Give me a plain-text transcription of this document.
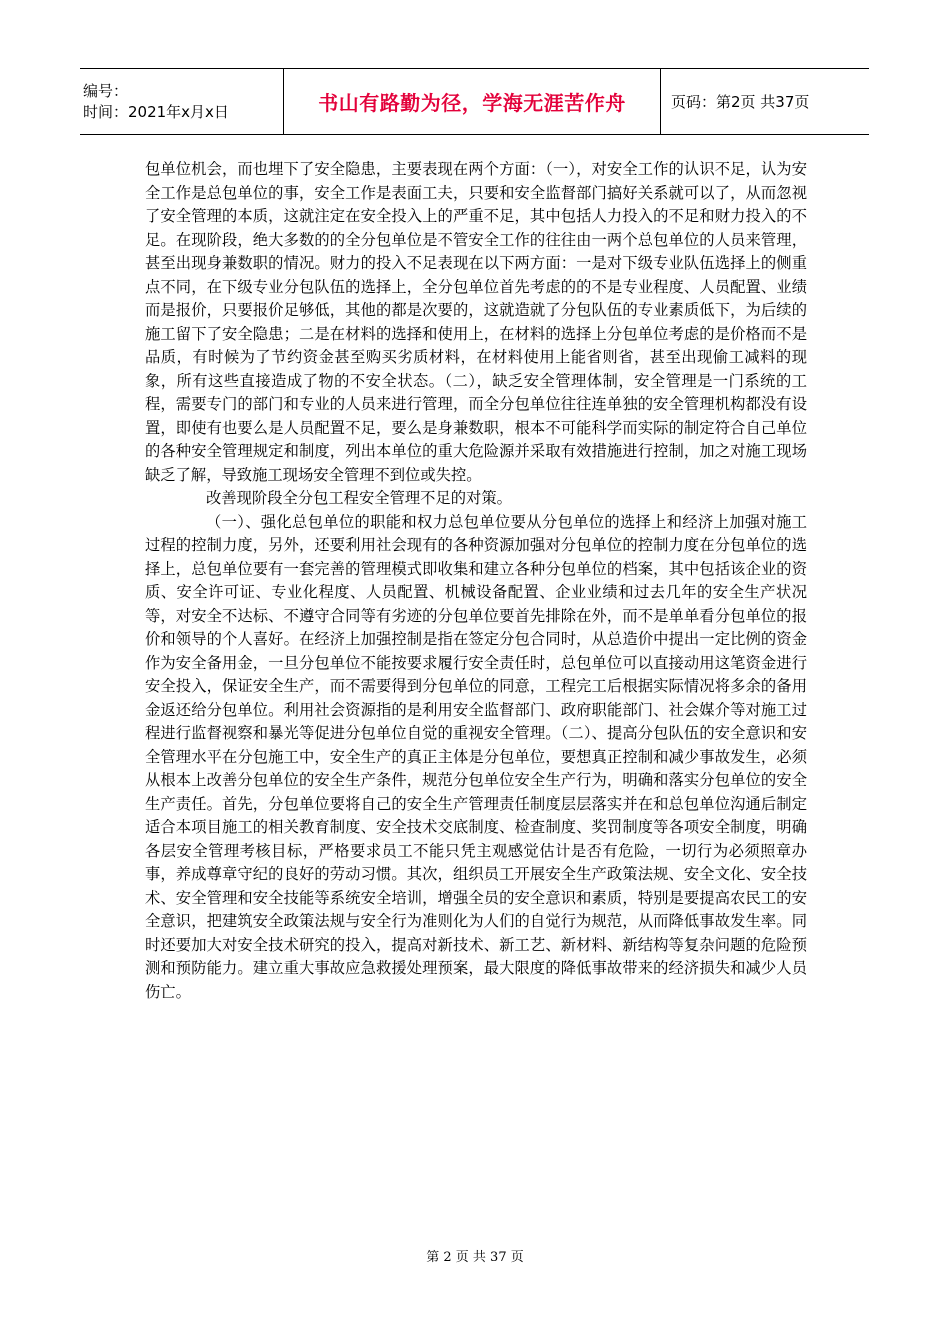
编号：
时间：2021年x月x日	书山有路勤为径，学海无涯苦作舟	页码：第2页 共37页

包单位机会，而也埋下了安全隐患，主要表现在两个方面：（一），对安全工作的认识不足，认为安全工作是总包单位的事，安全工作是表面工夫，只要和安全监督部门搞好关系就可以了，从而忽视了安全管理的本质，这就注定在安全投入上的严重不足，其中包括人力投入的不足和财力投入的不足。在现阶段，绝大多数的的全分包单位是不管安全工作的往往由一两个总包单位的人员来管理，甚至出现身兼数职的情况。财力的投入不足表现在以下两方面：一是对下级专业队伍选择上的侧重点不同，在下级专业分包队伍的选择上，全分包单位首先考虑的的不是专业程度、人员配置、业绩而是报价，只要报价足够低，其他的都是次要的，这就造就了分包队伍的专业素质低下，为后续的施工留下了安全隐患；二是在材料的选择和使用上，在材料的选择上分包单位考虑的是价格而不是品质，有时候为了节约资金甚至购买劣质材料，在材料使用上能省则省，甚至出现偷工减料的现象，所有这些直接造成了物的不安全状态。（二），缺乏安全管理体制，安全管理是一门系统的工程，需要专门的部门和专业的人员来进行管理，而全分包单位往往连单独的安全管理机构都没有设置，即使有也要么是人员配置不足，要么是身兼数职，根本不可能科学而实际的制定符合自己单位的各种安全管理规定和制度，列出本单位的重大危险源并采取有效措施进行控制，加之对施工现场缺乏了解，导致施工现场安全管理不到位或失控。

改善现阶段全分包工程安全管理不足的对策。

（一）、强化总包单位的职能和权力总包单位要从分包单位的选择上和经济上加强对施工过程的控制力度，另外，还要利用社会现有的各种资源加强对分包单位的控制力度在分包单位的选择上，总包单位要有一套完善的管理模式即收集和建立各种分包单位的档案，其中包括该企业的资质、安全许可证、专业化程度、人员配置、机械设备配置、企业业绩和过去几年的安全生产状况等，对安全不达标、不遵守合同等有劣迹的分包单位要首先排除在外，而不是单单看分包单位的报价和领导的个人喜好。在经济上加强控制是指在签定分包合同时，从总造价中提出一定比例的资金作为安全备用金，一旦分包单位不能按要求履行安全责任时，总包单位可以直接动用这笔资金进行安全投入，保证安全生产，而不需要得到分包单位的同意，工程完工后根据实际情况将多余的备用金返还给分包单位。利用社会资源指的是利用安全监督部门、政府职能部门、社会媒介等对施工过程进行监督视察和暴光等促进分包单位自觉的重视安全管理。（二）、提高分包队伍的安全意识和安全管理水平在分包施工中，安全生产的真正主体是分包单位，要想真正控制和减少事故发生，必须从根本上改善分包单位的安全生产条件，规范分包单位安全生产行为，明确和落实分包单位的安全生产责任。首先，分包单位要将自己的安全生产管理责任制度层层落实并在和总包单位沟通后制定适合本项目施工的相关教育制度、安全技术交底制度、检查制度、奖罚制度等各项安全制度，明确各层安全管理考核目标，严格要求员工不能只凭主观感觉估计是否有危险，一切行为必须照章办事，养成尊章守纪的良好的劳动习惯。其次，组织员工开展安全生产政策法规、安全文化、安全技术、安全管理和安全技能等系统安全培训，增强全员的安全意识和素质，特别是要提高农民工的安全意识，把建筑安全政策法规与安全行为准则化为人们的自觉行为规范，从而降低事故发生率。同时还要加大对安全技术研究的投入，提高对新技术、新工艺、新材料、新结构等复杂问题的危险预测和预防能力。建立重大事故应急救援处理预案，最大限度的降低事故带来的经济损失和减少人员伤亡。

第 2 页 共 37 页
